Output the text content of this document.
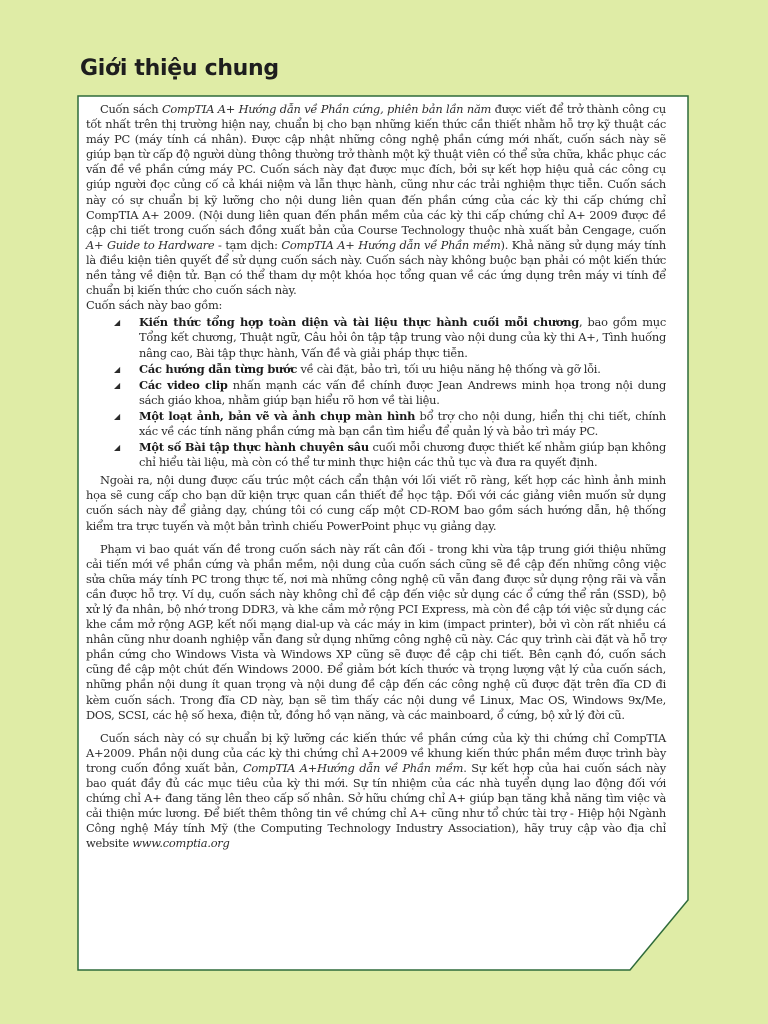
Giới thiệu chung

Cuốn sách CompTIA A+ Hướng dẫn về Phần cứng, phiên bản lần năm được viết để trở thành công cụ tốt nhất trên thị trường hiện nay, chuẩn bị cho bạn những kiến thức cần thiết nhằm hỗ trợ kỹ thuật các máy PC (máy tính cá nhân). Được cập nhật những công nghệ phần cứng mới nhất, cuốn sách này sẽ giúp bạn từ cấp độ người dùng thông thường trở thành một kỹ thuật viên có thể sửa chữa, khắc phục các vấn đề về phần cứng máy PC. Cuốn sách này đạt được mục đích, bởi sự kết hợp hiệu quả các công cụ giúp người đọc củng cố cả khái niệm và lẫn thực hành, cũng như các trải nghiệm thực tiễn. Cuốn sách này có sự chuẩn bị kỹ lưỡng cho nội dung liên quan đến phần cứng của các kỳ thi cấp chứng chỉ CompTIA A+ 2009. (Nội dung liên quan đến phần mềm của các kỳ thi cấp chứng chỉ A+ 2009 được đề cập chi tiết trong cuốn sách đồng xuất bản của Course Technology thuộc nhà xuất bản Cengage, cuốn A+ Guide to Hardware - tạm dịch: CompTIA A+ Hướng dẫn về Phần mềm). Khả năng sử dụng máy tính là điều kiện tiên quyết để sử dụng cuốn sách này. Cuốn sách này không buộc bạn phải có một kiến thức nền tảng về điện tử. Bạn có thể tham dự một khóa học tổng quan về các ứng dụng trên máy vi tính để chuẩn bị kiến thức cho cuốn sách này.

Cuốn sách này bao gồm:

◢ Kiến thức tổng hợp toàn diện và tài liệu thực hành cuối mỗi chương, bao gồm mục Tổng kết chương, Thuật ngữ, Câu hỏi ôn tập tập trung vào nội dung của kỳ thi A+, Tình huống nâng cao, Bài tập thực hành, Vấn đề và giải pháp thực tiễn.
◢ Các hướng dẫn từng bước về cài đặt, bảo trì, tối ưu hiệu năng hệ thống và gỡ lỗi.
◢ Các video clip nhấn mạnh các vấn đề chính được Jean Andrews minh họa trong nội dung sách giáo khoa, nhằm giúp bạn hiểu rõ hơn về tài liệu.
◢ Một loạt ảnh, bản vẽ và ảnh chụp màn hình bổ trợ cho nội dung, hiển thị chi tiết, chính xác về các tính năng phần cứng mà bạn cần tìm hiểu để quản lý và bảo trì máy PC.
◢ Một số Bài tập thực hành chuyên sâu cuối mỗi chương được thiết kế nhằm giúp bạn không chỉ hiểu tài liệu, mà còn có thể tư minh thực hiện các thủ tục và đưa ra quyết định.

Ngoài ra, nội dung được cấu trúc một cách cẩn thận với lối viết rõ ràng, kết hợp các hình ảnh minh họa sẽ cung cấp cho bạn dữ kiện trực quan cần thiết để học tập. Đối với các giảng viên muốn sử dụng cuốn sách này để giảng dạy, chúng tôi có cung cấp một CD-ROM bao gồm sách hướng dẫn, hệ thống kiểm tra trực tuyến và một bản trình chiếu PowerPoint phục vụ giảng dạy.

Phạm vi bao quát vấn đề trong cuốn sách này rất cân đối - trong khi vừa tập trung giới thiệu những cải tiến mới về phần cứng và phần mềm, nội dung của cuốn sách cũng sẽ đề cập đến những công việc sửa chữa máy tính PC trong thực tế, nơi mà những công nghệ cũ vẫn đang được sử dụng rộng rãi và vẫn cần được hỗ trợ. Ví dụ, cuốn sách này không chỉ đề cập đến việc sử dụng các ổ cứng thể rắn (SSD), bộ xử lý đa nhân, bộ nhớ trong DDR3, và khe cắm mở rộng PCI Express, mà còn đề cập tới việc sử dụng các khe cắm mở rộng AGP, kết nối mạng dial-up và các máy in kim (impact printer), bởi vì còn rất nhiều cá nhân cũng như doanh nghiệp vẫn đang sử dụng những công nghệ cũ này. Các quy trình cài đặt và hỗ trợ phần cứng cho Windows Vista và Windows XP cũng sẽ được đề cập chi tiết. Bên cạnh đó, cuốn sách cũng đề cập một chút đến Windows 2000. Để giảm bớt kích thước và trọng lượng vật lý của cuốn sách, những phần nội dung ít quan trọng và nội dung đề cập đến các công nghệ cũ được đặt trên đĩa CD đi kèm cuốn sách. Trong đĩa CD này, bạn sẽ tìm thấy các nội dung về Linux, Mac OS, Windows 9x/Me, DOS, SCSI, các hệ số hexa, điện tử, đồng hồ vạn năng, và các mainboard, ổ cứng, bộ xử lý đời cũ.

Cuốn sách này có sự chuẩn bị kỹ lưỡng các kiến thức về phần cứng của kỳ thi chứng chỉ CompTIA A+2009. Phần nội dung của các kỳ thi chứng chỉ A+2009 về khung kiến thức phần mềm được trình bày trong cuốn đồng xuất bản, CompTIA A+Hướng dẫn về Phần mềm. Sự kết hợp của hai cuốn sách này bao quát đầy đủ các mục tiêu của kỳ thi mới. Sự tín nhiệm của các nhà tuyển dụng lao động đối với chứng chỉ A+ đang tăng lên theo cấp số nhân. Sở hữu chứng chỉ A+ giúp bạn tăng khả năng tìm việc và cải thiện mức lương. Để biết thêm thông tin về chứng chỉ A+ cũng như tổ chức tài trợ - Hiệp hội Ngành Công nghệ Máy tính Mỹ (the Computing Technology Industry Association), hãy truy cập vào địa chỉ website www.comptia.org
